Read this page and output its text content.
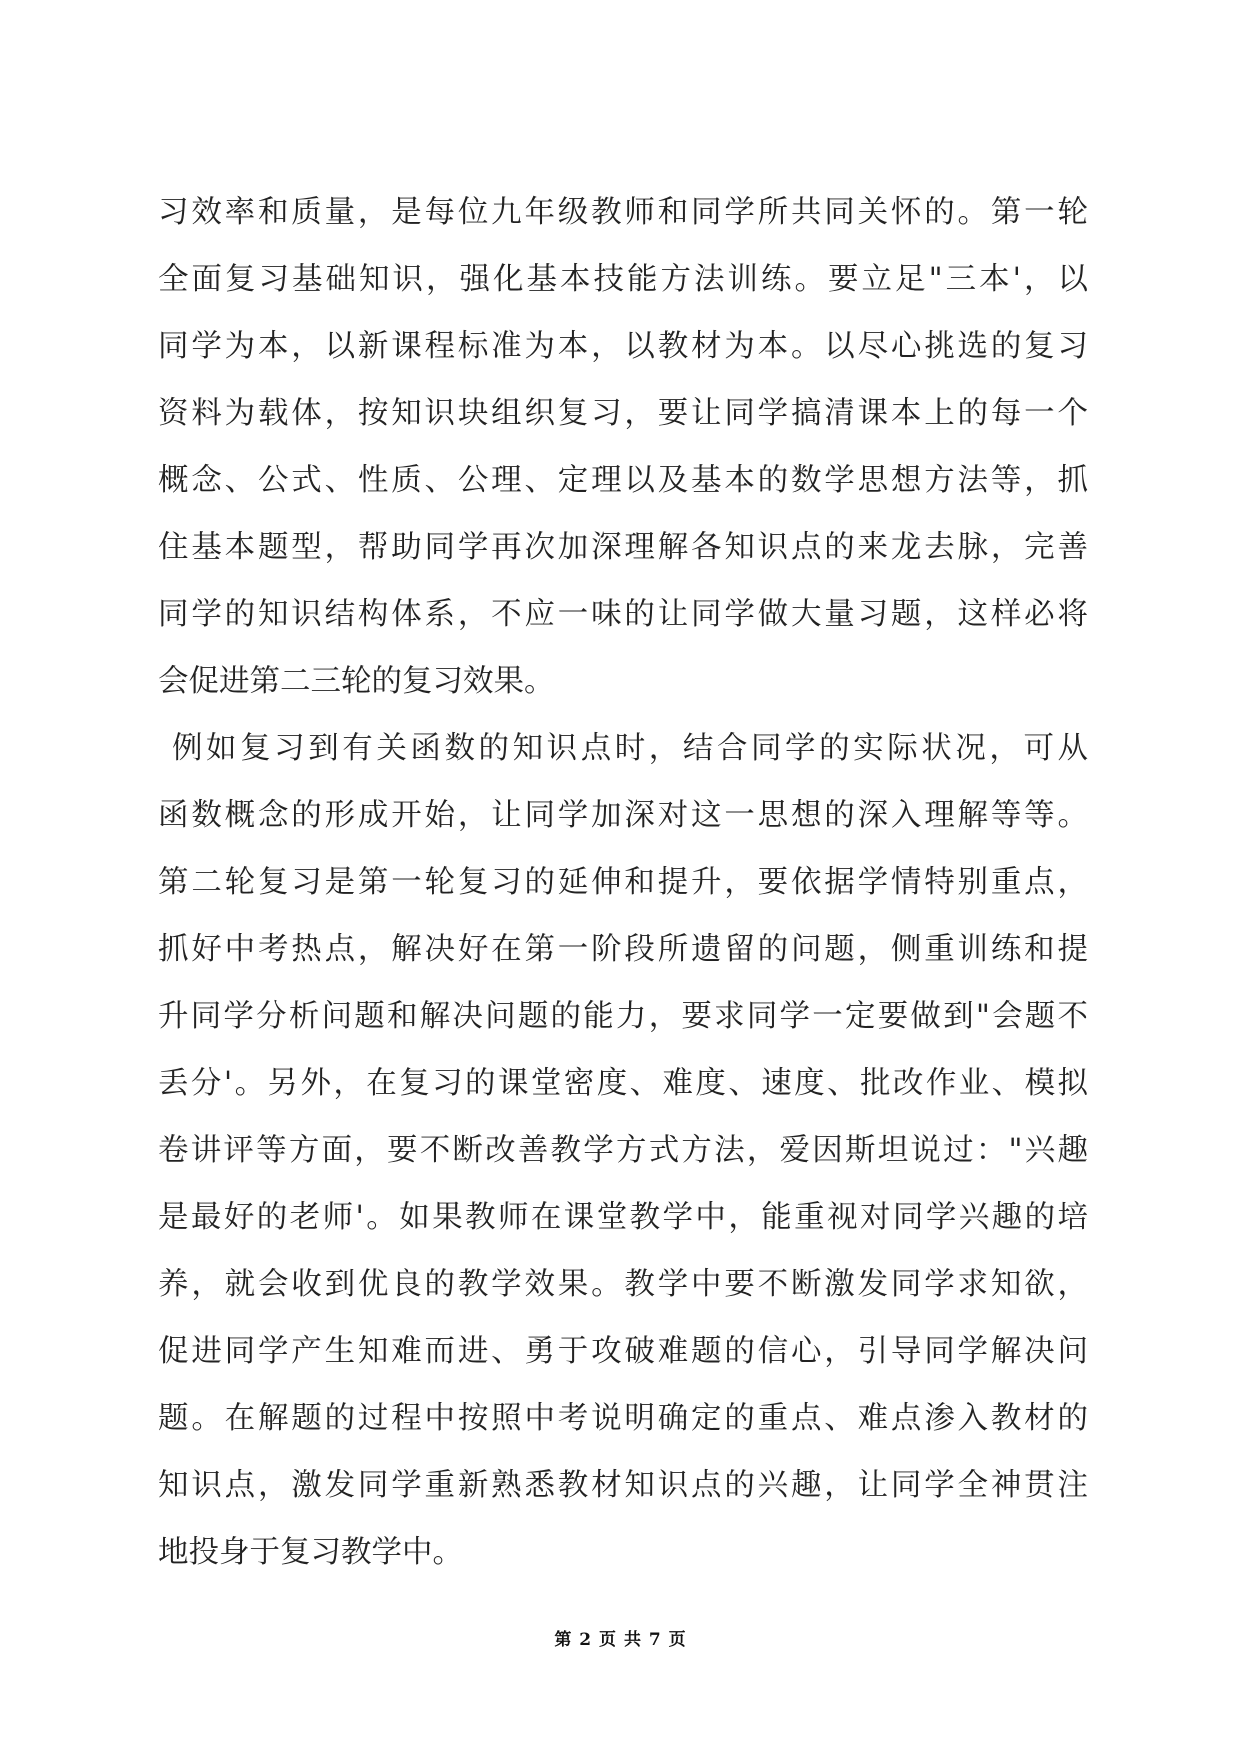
习效率和质量，是每位九年级教师和同学所共同关怀的。第一轮
全面复习基础知识，强化基本技能方法训练。要立足"三本'，以
同学为本，以新课程标准为本，以教材为本。以尽心挑选的复习
资料为载体，按知识块组织复习，要让同学搞清课本上的每一个
概念、公式、性质、公理、定理以及基本的数学思想方法等，抓
住基本题型，帮助同学再次加深理解各知识点的来龙去脉，完善
同学的知识结构体系，不应一味的让同学做大量习题，这样必将
会促进第二三轮的复习效果。
例如复习到有关函数的知识点时，结合同学的实际状况，可从
函数概念的形成开始，让同学加深对这一思想的深入理解等等。
第二轮复习是第一轮复习的延伸和提升，要依据学情特别重点，
抓好中考热点，解决好在第一阶段所遗留的问题，侧重训练和提
升同学分析问题和解决问题的能力，要求同学一定要做到"会题不
丢分'。另外，在复习的课堂密度、难度、速度、批改作业、模拟
卷讲评等方面，要不断改善教学方式方法，爱因斯坦说过："兴趣
是最好的老师'。如果教师在课堂教学中，能重视对同学兴趣的培
养，就会收到优良的教学效果。教学中要不断激发同学求知欲，
促进同学产生知难而进、勇于攻破难题的信心，引导同学解决问
题。在解题的过程中按照中考说明确定的重点、难点渗入教材的
知识点，激发同学重新熟悉教材知识点的兴趣，让同学全神贯注
地投身于复习教学中。
第 2 页 共 7 页
